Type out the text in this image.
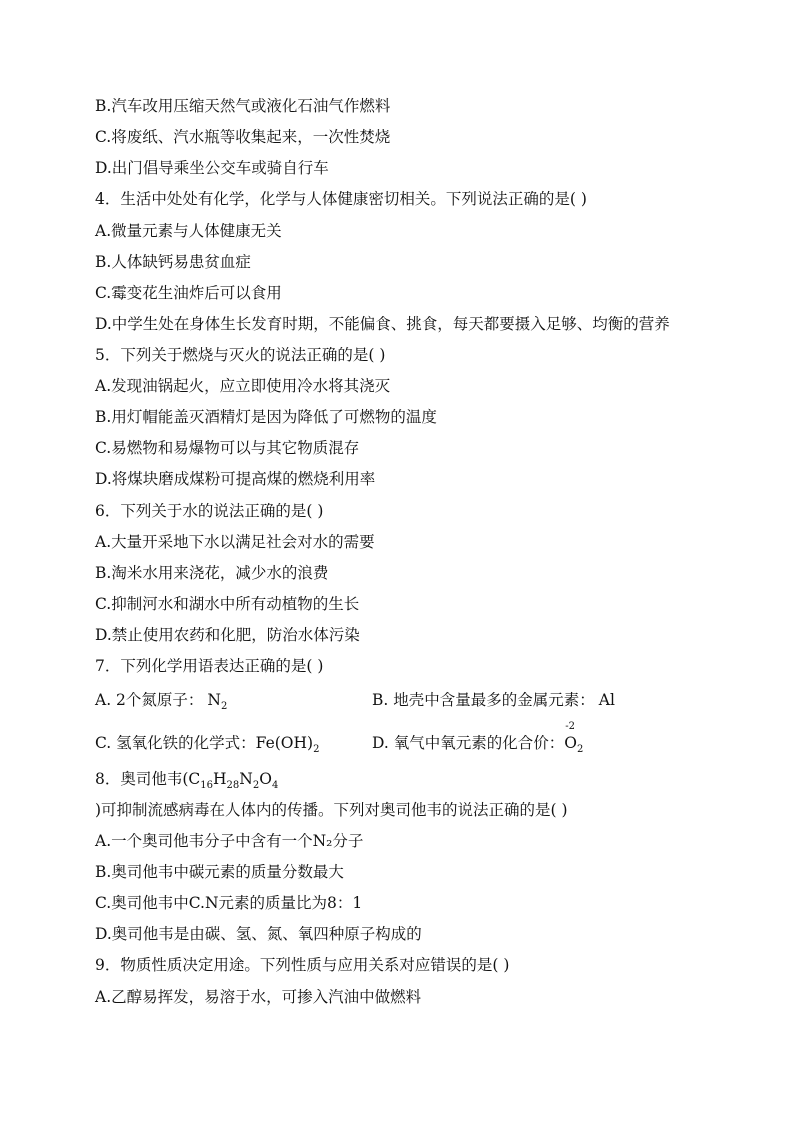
B.汽车改用压缩天然气或液化石油气作燃料
C.将废纸、汽水瓶等收集起来，一次性焚烧
D.出门倡导乘坐公交车或骑自行车
4．生活中处处有化学，化学与人体健康密切相关。下列说法正确的是( )
A.微量元素与人体健康无关
B.人体缺钙易患贫血症
C.霉变花生油炸后可以食用
D.中学生处在身体生长发育时期，不能偏食、挑食，每天都要摄入足够、均衡的营养
5．下列关于燃烧与灭火的说法正确的是( )
A.发现油锅起火，应立即使用冷水将其浇灭
B.用灯帽能盖灭酒精灯是因为降低了可燃物的温度
C.易燃物和易爆物可以与其它物质混存
D.将煤块磨成煤粉可提高煤的燃烧利用率
6．下列关于水的说法正确的是( )
A.大量开采地下水以满足社会对水的需要
B.淘米水用来浇花，减少水的浪费
C.抑制河水和湖水中所有动植物的生长
D.禁止使用农药和化肥，防治水体污染
7．下列化学用语表达正确的是( )
A. 2个氮原子： $N_2$	B. 地壳中含量最多的金属元素： Al
C. 氢氧化铁的化学式：$Fe(OH)_2$	D. 氧气中氧元素的化合价：
-2
$O_2$
8．奥司他韦($C_{16}H_{28}N_2O_4$
)可抑制流感病毒在人体内的传播。下列对奥司他韦的说法正确的是( )
A.一个奥司他韦分子中含有一个N₂分子
B.奥司他韦中碳元素的质量分数最大
C.奥司他韦中C.N元素的质量比为8：1
D.奥司他韦是由碳、氢、氮、氧四种原子构成的
9．物质性质决定用途。下列性质与应用关系对应错误的是( )
A.乙醇易挥发，易溶于水，可掺入汽油中做燃料
